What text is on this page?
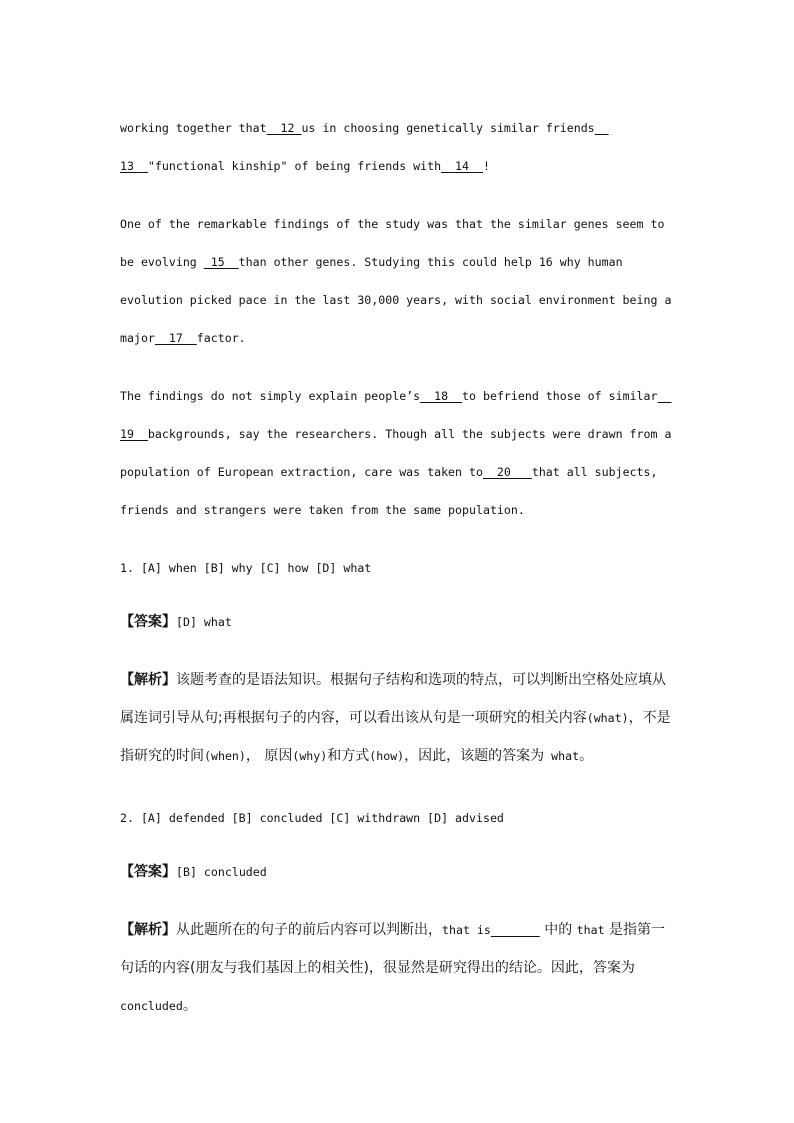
working together that  12 us in choosing genetically similar friends
13  "functional kinship" of being friends with  14  !
One of the remarkable findings of the study was that the similar genes seem to
be evolving  15  than other genes. Studying this could help 16 why human
evolution picked pace in the last 30,000 years, with social environment being a
major  17  factor.
The findings do not simply explain people’s  18  to befriend those of similar
19  backgrounds, say the researchers. Though all the subjects were drawn from a
population of European extraction, care was taken to  20   that all subjects,
friends and strangers were taken from the same population.
1. [A] when [B] why [C] how [D] what
【答案】[D] what
【解析】该题考查的是语法知识。根据句子结构和选项的特点，可以判断出空格处应填从
属连词引导从句;再根据句子的内容，可以看出该从句是一项研究的相关内容(what)，不是
指研究的时间(when)， 原因(why)和方式(how)，因此，该题的答案为 what。
2. [A] defended [B] concluded [C] withdrawn [D] advised
【答案】[B] concluded
【解析】从此题所在的句子的前后内容可以判断出，that is	中的 that 是指第一
句话的内容(朋友与我们基因上的相关性)，很显然是研究得出的结论。因此，答案为
concluded。
